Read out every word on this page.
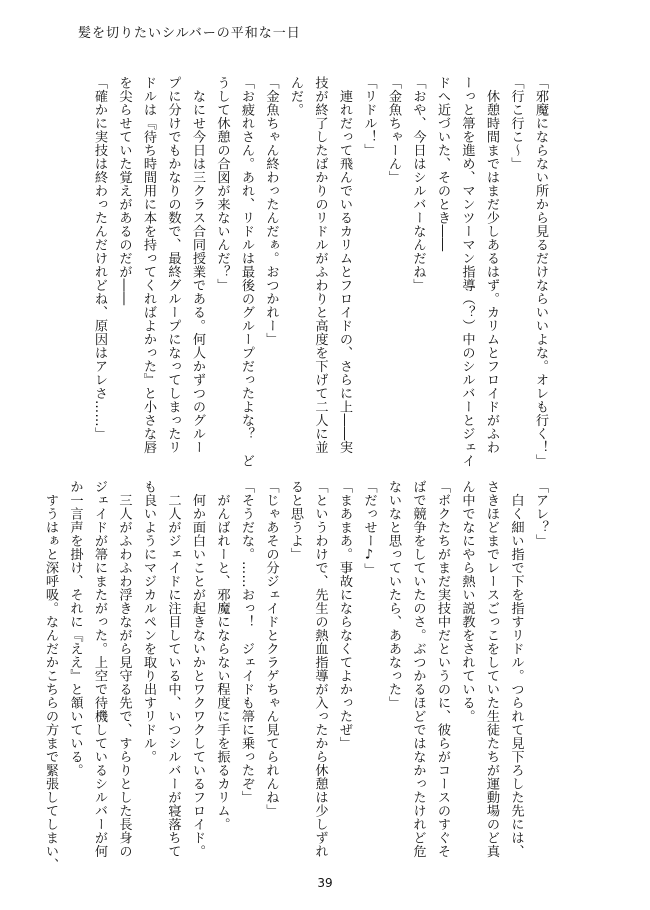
髪を切りたいシルバーの平和な一日
「邪魔にならない所から見るだけならいいよな。オレも行く！」
「行こ行こ～」
　休憩時間まではまだ少しあるはず。カリムとフロイドがふわ
ーっと箒を進め、マンツーマン指導（？）中のシルバーとジェイ
ドへ近づいた、そのとき――
「おや、今日はシルバーなんだね」
「金魚ちゃーん」
「リドル！」
　連れだって飛んでいるカリムとフロイドの、さらに上――実
技が終了したばかりのリドルがふわりと高度を下げて二人に並
んだ。
「金魚ちゃん終わったんだぁ。おつかれー」
「お疲れさん。あれ、リドルは最後のグループだったよな？　ど
うして休憩の合図が来ないんだ？」
　なにせ今日は三クラス合同授業である。何人かずつのグルー
プに分けでもかなりの数で、最終グループになってしまったリ
ドルは『待ち時間用に本を持ってくればよかった』と小さな唇
を尖らせていた覚えがあるのだが――
「確かに実技は終わったんだけれどね、原因はアレさ……」
「アレ？」
　白く細い指で下を指すリドル。つられて見下ろした先には、
さきほどまでレースごっこをしていた生徒たちが運動場のど真
ん中でなにやら熱い説教をされている。
「ボクたちがまだ実技中だというのに、彼らがコースのすぐそ
ばで競争をしていたのさ。ぶつかるほどではなかったけれど危
ないなと思っていたら、ああなった」
「だっせー♪」
「まあまあ。事故にならなくてよかったぜ」
「というわけで、先生の熱血指導が入ったから休憩は少しずれ
ると思うよ」
「じゃあその分ジェイドとクラゲちゃん見てられんね」
「そうだな。……おっ！　ジェイドも箒に乗ったぞ」
　がんばれーと、邪魔にならない程度に手を振るカリム。
　何か面白いことが起きないかとワクワクしているフロイド。
　二人がジェイドに注目している中、いつシルバーが寝落ちて
も良いようにマジカルペンを取り出すリドル。
　三人がふわふわ浮きながら見守る先で、すらりとした長身の
ジェイドが箒にまたがった。上空で待機しているシルバーが何
か一言声を掛け、それに『ええ』と頷いている。
　すうはぁと深呼吸。なんだかこちらの方まで緊張してしまい、
39
